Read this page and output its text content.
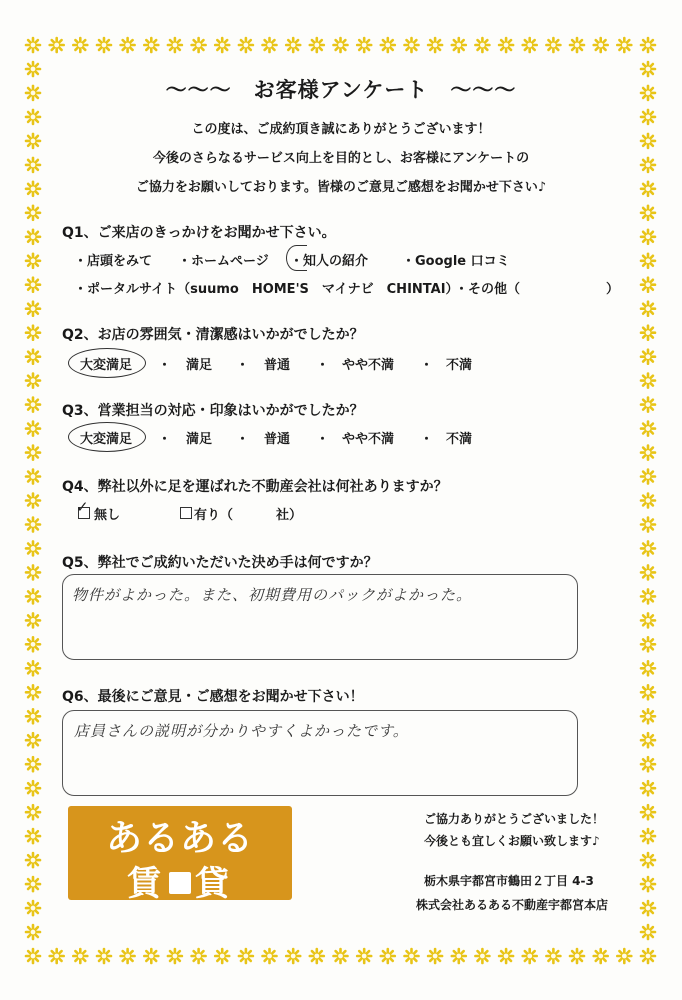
〜〜〜　お客様アンケート　〜〜〜
この度は、ご成約頂き誠にありがとうございます！
今後のさらなるサービス向上を目的とし、お客様にアンケートの
ご協力をお願いしております。皆様のご意見ご感想をお聞かせ下さい♪
Q1、ご来店のきっかけをお聞かせ下さい。
・店頭をみて ・ホームページ ・知人の紹介	・Google 口コミ
・ポータルサイト（suumo　HOME'S　マイナビ　CHINTAI）
・その他（	）
Q2、お店の雰囲気・清潔感はいかがでしたか？
大変満足 ・ 満足 ・ 普通 ・ やや不満 ・ 不満
Q3、営業担当の対応・印象はいかがでしたか？
大変満足 ・ 満足 ・ 普通 ・ やや不満 ・ 不満
Q4、弊社以外に足を運ばれた不動産会社は何社ありますか？
✓ 無し	有り（	社）
Q5、弊社でご成約いただいた決め手は何ですか？
物件がよかった。また、初期費用のパックがよかった。
Q6、最後にご意見・ご感想をお聞かせ下さい！
店員さんの説明が分かりやすくよかったです。
あるある
賃 貸
ご協力ありがとうございました！
今後とも宜しくお願い致します♪
栃木県宇都宮市鶴田２丁目 4-3
株式会社あるある不動産宇都宮本店
